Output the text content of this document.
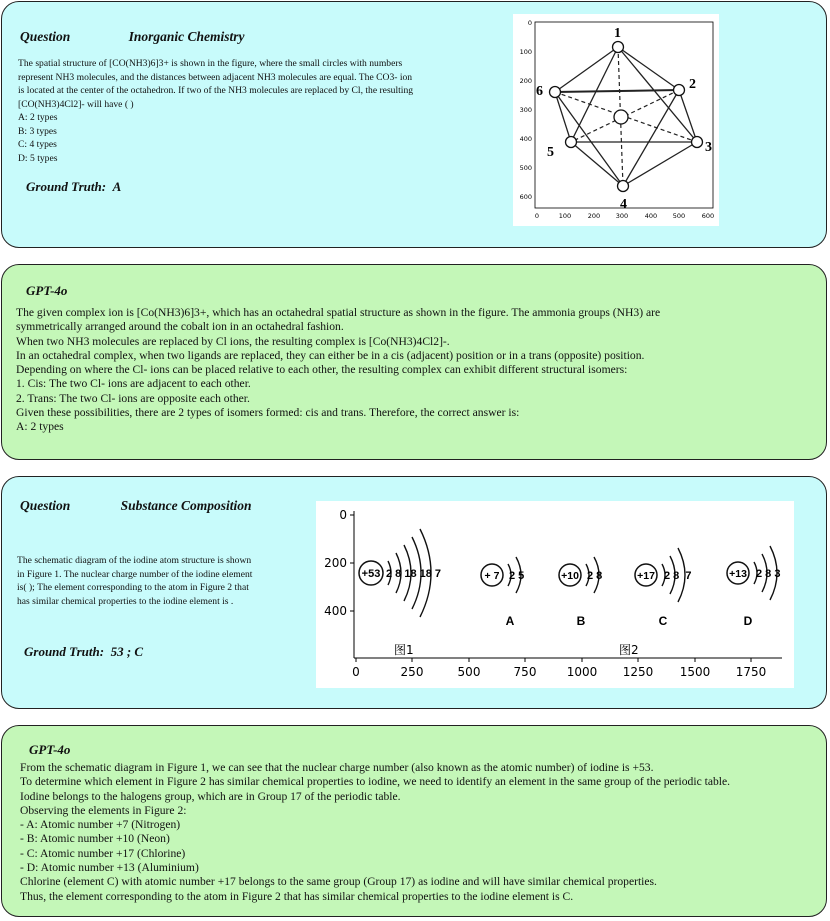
Question	Inorganic Chemistry
The spatial structure of [CO(NH3)6]3+ is shown in the figure, where the small circles with numbers
represent NH3 molecules, and the distances between adjacent NH3 molecules are equal. The CO3- ion
is located at the center of the octahedron. If two of the NH3 molecules are replaced by Cl, the resulting
[CO(NH3)4Cl2]- will have ( )
A: 2 types
B: 3 types
C: 4 types
D: 5 types
Ground Truth: A
0
100
200
300
400
500
600
0	100	200 300	400 500	600
1
2
3
4
5
6
GPT-4o
The given complex ion is [Co(NH3)6]3+, which has an octahedral spatial structure as shown in the figure. The ammonia groups (NH3) are
symmetrically arranged around the cobalt ion in an octahedral fashion.
When two NH3 molecules are replaced by Cl ions, the resulting complex is [Co(NH3)4Cl2]-.
In an octahedral complex, when two ligands are replaced, they can either be in a cis (adjacent) position or in a trans (opposite) position.
Depending on where the Cl- ions can be placed relative to each other, the resulting complex can exhibit different structural isomers:
1. Cis: The two Cl- ions are adjacent to each other.
2. Trans: The two Cl- ions are opposite each other.
Given these possibilities, there are 2 types of isomers formed: cis and trans. Therefore, the correct answer is:
A: 2 types
Question	Substance Composition
The schematic diagram of the iodine atom structure is shown
in Figure 1. The nuclear charge number of the iodine element
is( ); The element corresponding to the atom in Figure 2 that
has similar chemical properties to the iodine element is .
Ground Truth: 53 ; C
0
200
400
0	250	500	750	1000 1250 1500 1750
+53 2 8 18 18 7	+ 7 2 5
A
+10 2 8
B
+17 2 8  7
C
+13 2 8 3
D
图1	图2
GPT-4o
From the schematic diagram in Figure 1, we can see that the nuclear charge number (also known as the atomic number) of iodine is +53.
To determine which element in Figure 2 has similar chemical properties to iodine, we need to identify an element in the same group of the periodic table.
Iodine belongs to the halogens group, which are in Group 17 of the periodic table.
Observing the elements in Figure 2:
- A: Atomic number +7 (Nitrogen)
- B: Atomic number +10 (Neon)
- C: Atomic number +17 (Chlorine)
- D: Atomic number +13 (Aluminium)
Chlorine (element C) with atomic number +17 belongs to the same group (Group 17) as iodine and will have similar chemical properties.
Thus, the element corresponding to the atom in Figure 2 that has similar chemical properties to the iodine element is C.
